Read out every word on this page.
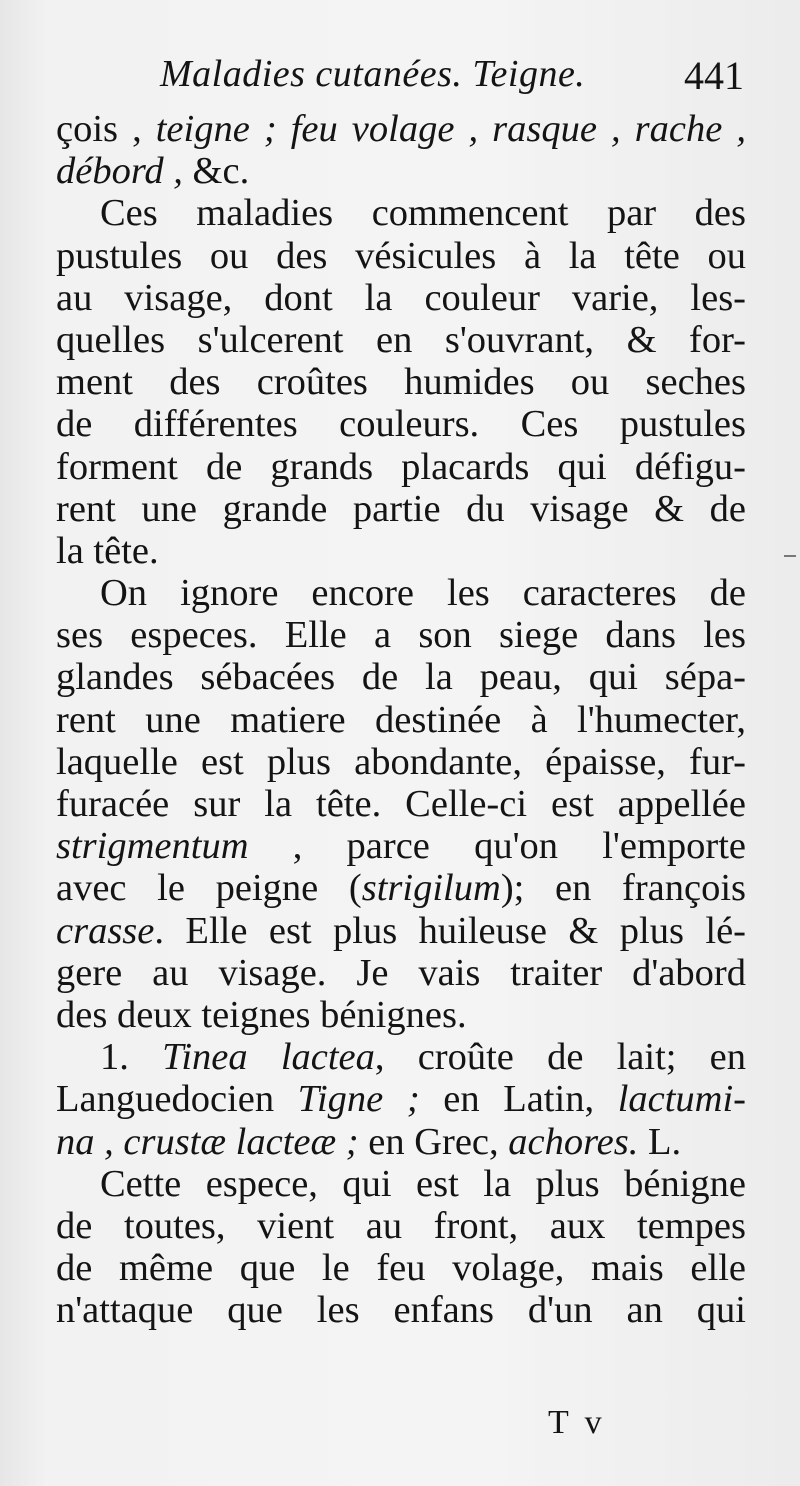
Maladies cutanées. Teigne. 441
çois , teigne ; feu volage , rasque , rache ,
débord , &c.
Ces maladies commencent par des
pustules ou des vésicules à la tête ou
au visage, dont la couleur varie, les-
quelles s'ulcerent en s'ouvrant, & for-
ment des croûtes humides ou seches
de différentes couleurs. Ces pustules
forment de grands placards qui défigu-
rent une grande partie du visage & de
la tête.
On ignore encore les caracteres de
ses especes. Elle a son siege dans les
glandes sébacées de la peau, qui sépa-
rent une matiere destinée à l'humecter,
laquelle est plus abondante, épaisse, fur-
furacée sur la tête. Celle-ci est appellée
strigmentum , parce qu'on l'emporte
avec le peigne (strigilum); en françois
crasse. Elle est plus huileuse & plus lé-
gere au visage. Je vais traiter d'abord
des deux teignes bénignes.
1. Tinea lactea, croûte de lait; en
Languedocien Tigne ; en Latin, lactumi-
na , crustæ lacteæ ; en Grec, achores. L.
Cette espece, qui est la plus bénigne
de toutes, vient au front, aux tempes
de même que le feu volage, mais elle
n'attaque que les enfans d'un an qui
T v
